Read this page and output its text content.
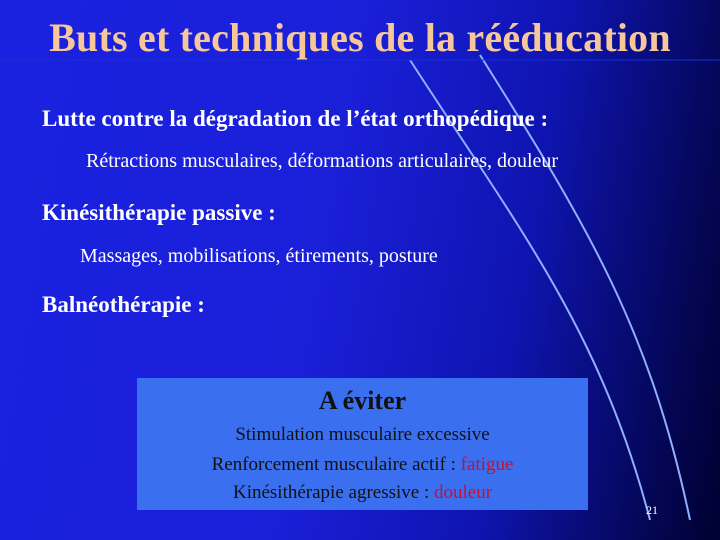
Buts et techniques de la rééducation
Lutte contre la dégradation de l’état orthopédique :
Rétractions musculaires, déformations articulaires, douleur
Kinésithérapie passive :
Massages, mobilisations, étirements, posture
Balnéothérapie :
A éviter
Stimulation musculaire excessive
Renforcement musculaire actif : fatigue
Kinésithérapie agressive : douleur
21
